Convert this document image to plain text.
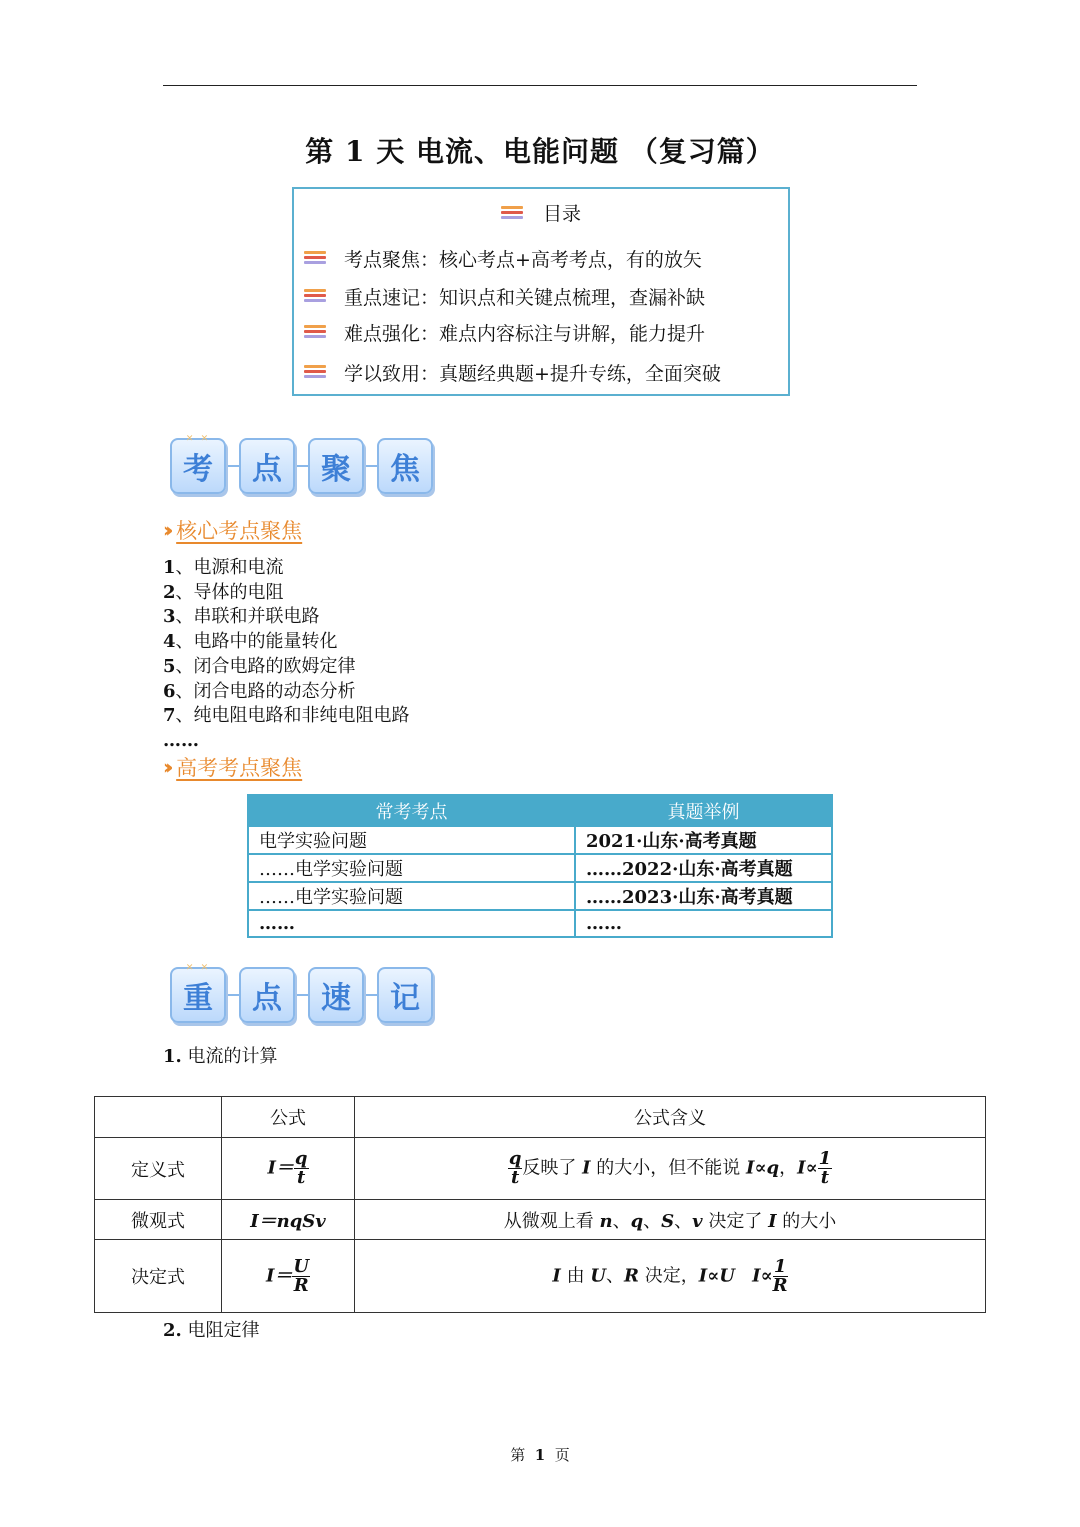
第 1 天 电流、电能问题 （复习篇）
目录
考点聚焦：核心考点+高考考点，有的放矢
重点速记：知识点和关键点梳理，查漏补缺
难点强化：难点内容标注与讲解，能力提升
学以致用：真题经典题+提升专练，全面突破
✕ ✕
考 点 聚 焦
››
核心考点聚焦
1、电源和电流
2、导体的电阻
3、串联和并联电路
4、电路中的能量转化
5、闭合电路的欧姆定律
6、闭合电路的动态分析
7、纯电阻电路和非纯电阻电路
……
››
高考考点聚焦
常考考点	真题举例
电学实验问题	2021·山东·高考真题
……电学实验问题	……2022·山东·高考真题
……电学实验问题	……2023·山东·高考真题
……	……
✕ ✕
重 点 速 记
1. 电流的计算
	公式	公式含义
定义式	$I= \frac{q}{t}$	$\frac{q}{t}$ 反映了 I 的大小，但不能说 I∝q，$I\propto \frac{1}{t}$

微观式	I＝nqSv	从微观上看 n、q、S、v 决定了 I 的大小
决定式	$I= \frac{U}{R}$	I 由 U、R 决定，I∝U $I\propto \frac{1}{R}$
2. 电阻定律
第 1 页
